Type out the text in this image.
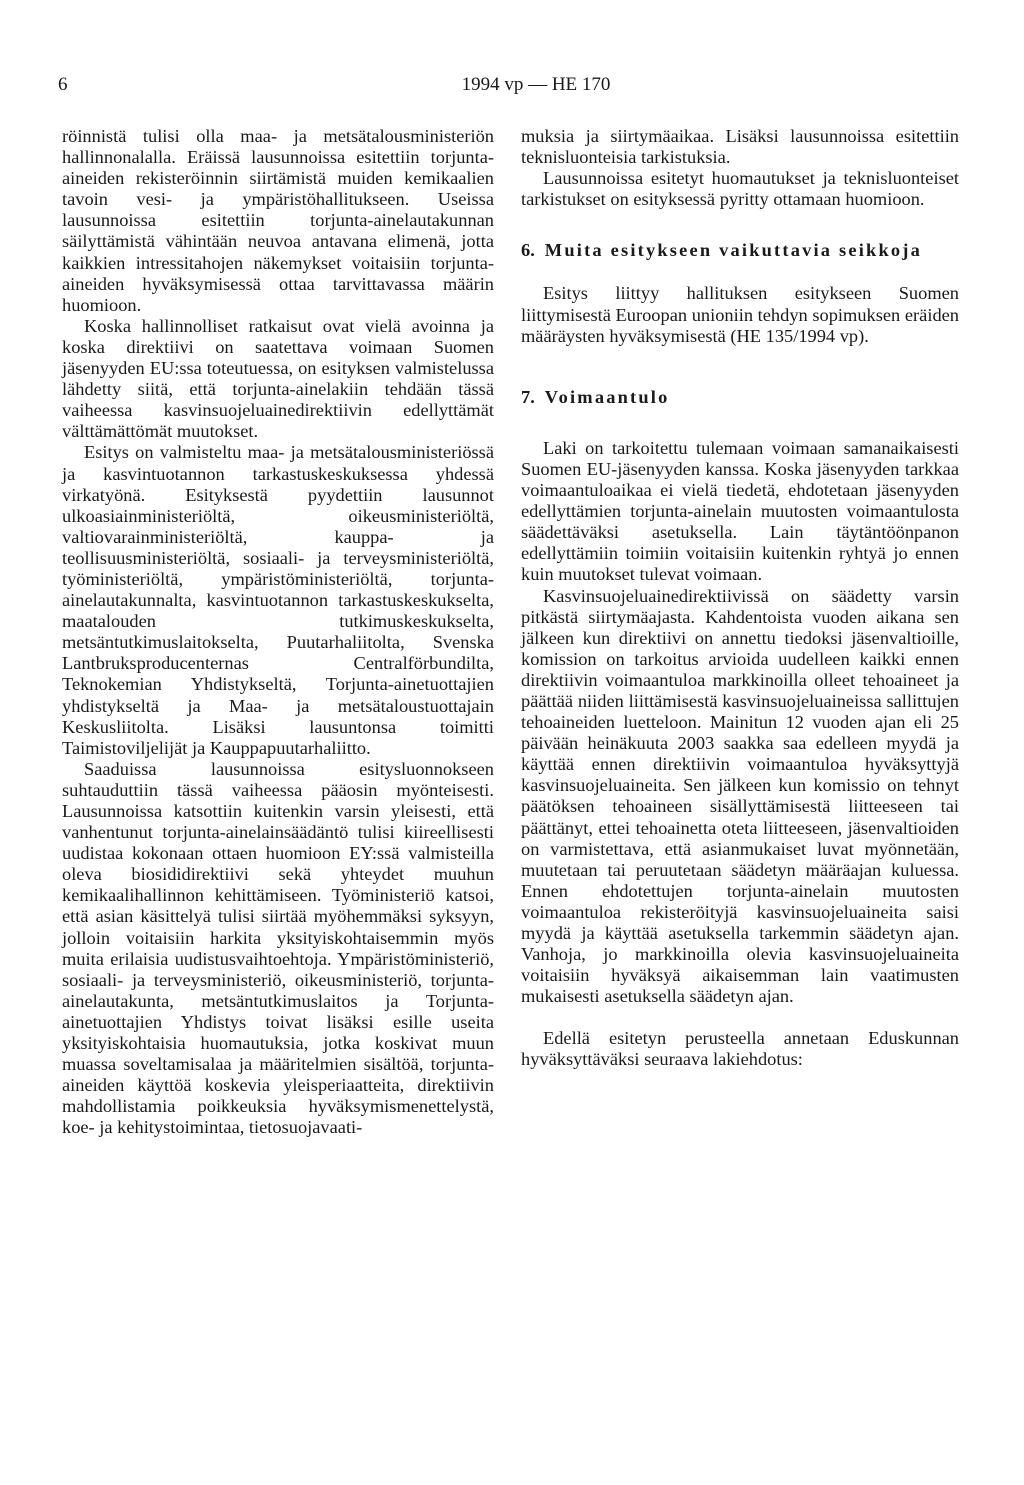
6	1994 vp — HE 170

röinnistä tulisi olla maa- ja metsätalousministeriön hallinnonalalla. Eräissä lausunnoissa esitettiin torjunta-aineiden rekisteröinnin siirtämistä muiden kemikaalien tavoin vesi- ja ympäristöhallitukseen. Useissa lausunnoissa esitettiin torjunta-ainelautakunnan säilyttämistä vähintään neuvoa antavana elimenä, jotta kaikkien intressitahojen näkemykset voitaisiin torjunta-aineiden hyväksymisessä ottaa tarvittavassa määrin huomioon.

Koska hallinnolliset ratkaisut ovat vielä avoinna ja koska direktiivi on saatettava voimaan Suomen jäsenyyden EU:ssa toteutuessa, on esityksen valmistelussa lähdetty siitä, että torjunta-ainelakiin tehdään tässä vaiheessa kasvinsuojeluainedirektiivin edellyttämät välttämättömät muutokset.

Esitys on valmisteltu maa- ja metsätalousministeriössä ja kasvintuotannon tarkastuskeskuksessa yhdessä virkatyönä. Esityksestä pyydettiin lausunnot ulkoasiainministeriöltä, oikeusministeriöltä, valtiovarainministeriöltä, kauppa- ja teollisuusministeriöltä, sosiaali- ja terveysministeriöltä, työministeriöltä, ympäristöministeriöltä, torjunta-ainelautakunnalta, kasvintuotannon tarkastuskeskukselta, maatalouden tutkimuskeskukselta, metsäntutkimuslaitokselta, Puutarhaliitolta, Svenska Lantbruksproducenternas Centralförbundilta, Teknokemian Yhdistykseltä, Torjunta-ainetuottajien yhdistykseltä ja Maa- ja metsätaloustuottajain Keskusliitolta. Lisäksi lausuntonsa toimitti Taimistoviljelijät ja Kauppapuutarhaliitto.

Saaduissa lausunnoissa esitysluonnokseen suhtauduttiin tässä vaiheessa pääosin myönteisesti. Lausunnoissa katsottiin kuitenkin varsin yleisesti, että vanhentunut torjunta-ainelainsäädäntö tulisi kiireellisesti uudistaa kokonaan ottaen huomioon EY:ssä valmisteilla oleva biosididirektiivi sekä yhteydet muuhun kemikaalihallinnon kehittämiseen. Työministeriö katsoi, että asian käsittelyä tulisi siirtää myöhemmäksi syksyyn, jolloin voitaisiin harkita yksityiskohtaisemmin myös muita erilaisia uudistusvaihtoehtoja. Ympäristöministeriö, sosiaali- ja terveysministeriö, oikeusministeriö, torjunta-ainelautakunta, metsäntutkimuslaitos ja Torjunta-ainetuottajien Yhdistys toivat lisäksi esille useita yksityiskohtaisia huomautuksia, jotka koskivat muun muassa soveltamisalaa ja määritelmien sisältöä, torjunta-aineiden käyttöä koskevia yleisperiaatteita, direktiivin mahdollistamia poikkeuksia hyväksymismenettelystä, koe- ja kehitystoimintaa, tietosuojavaati-

muksia ja siirtymäaikaa. Lisäksi lausunnoissa esitettiin teknisluonteisia tarkistuksia.

Lausunnoissa esitetyt huomautukset ja teknisluonteiset tarkistukset on esityksessä pyritty ottamaan huomioon.

6. Muita esitykseen vaikuttavia seikkoja

Esitys liittyy hallituksen esitykseen Suomen liittymisestä Euroopan unioniin tehdyn sopimuksen eräiden määräysten hyväksymisestä (HE 135/1994 vp).

7. Voimaantulo

Laki on tarkoitettu tulemaan voimaan samanaikaisesti Suomen EU-jäsenyyden kanssa. Koska jäsenyyden tarkkaa voimaantuloaikaa ei vielä tiedetä, ehdotetaan jäsenyyden edellyttämien torjunta-ainelain muutosten voimaantulosta säädettäväksi asetuksella. Lain täytäntöönpanon edellyttämiin toimiin voitaisiin kuitenkin ryhtyä jo ennen kuin muutokset tulevat voimaan.

Kasvinsuojeluainedirektiivissä on säädetty varsin pitkästä siirtymäajasta. Kahdentoista vuoden aikana sen jälkeen kun direktiivi on annettu tiedoksi jäsenvaltioille, komission on tarkoitus arvioida uudelleen kaikki ennen direktiivin voimaantuloa markkinoilla olleet tehoaineet ja päättää niiden liittämisestä kasvinsuojeluaineissa sallittujen tehoaineiden luetteloon. Mainitun 12 vuoden ajan eli 25 päivään heinäkuuta 2003 saakka saa edelleen myydä ja käyttää ennen direktiivin voimaantuloa hyväksyttyjä kasvinsuojeluaineita. Sen jälkeen kun komissio on tehnyt päätöksen tehoaineen sisällyttämisestä liitteeseen tai päättänyt, ettei tehoainetta oteta liitteeseen, jäsenvaltioiden on varmistettava, että asianmukaiset luvat myönnetään, muutetaan tai peruutetaan säädetyn määräajan kuluessa. Ennen ehdotettujen torjunta-ainelain muutosten voimaantuloa rekisteröityjä kasvinsuojeluaineita saisi myydä ja käyttää asetuksella tarkemmin säädetyn ajan. Vanhoja, jo markkinoilla olevia kasvinsuojeluaineita voitaisiin hyväksyä aikaisemman lain vaatimusten mukaisesti asetuksella säädetyn ajan.

Edellä esitetyn perusteella annetaan Eduskunnan hyväksyttäväksi seuraava lakiehdotus:
